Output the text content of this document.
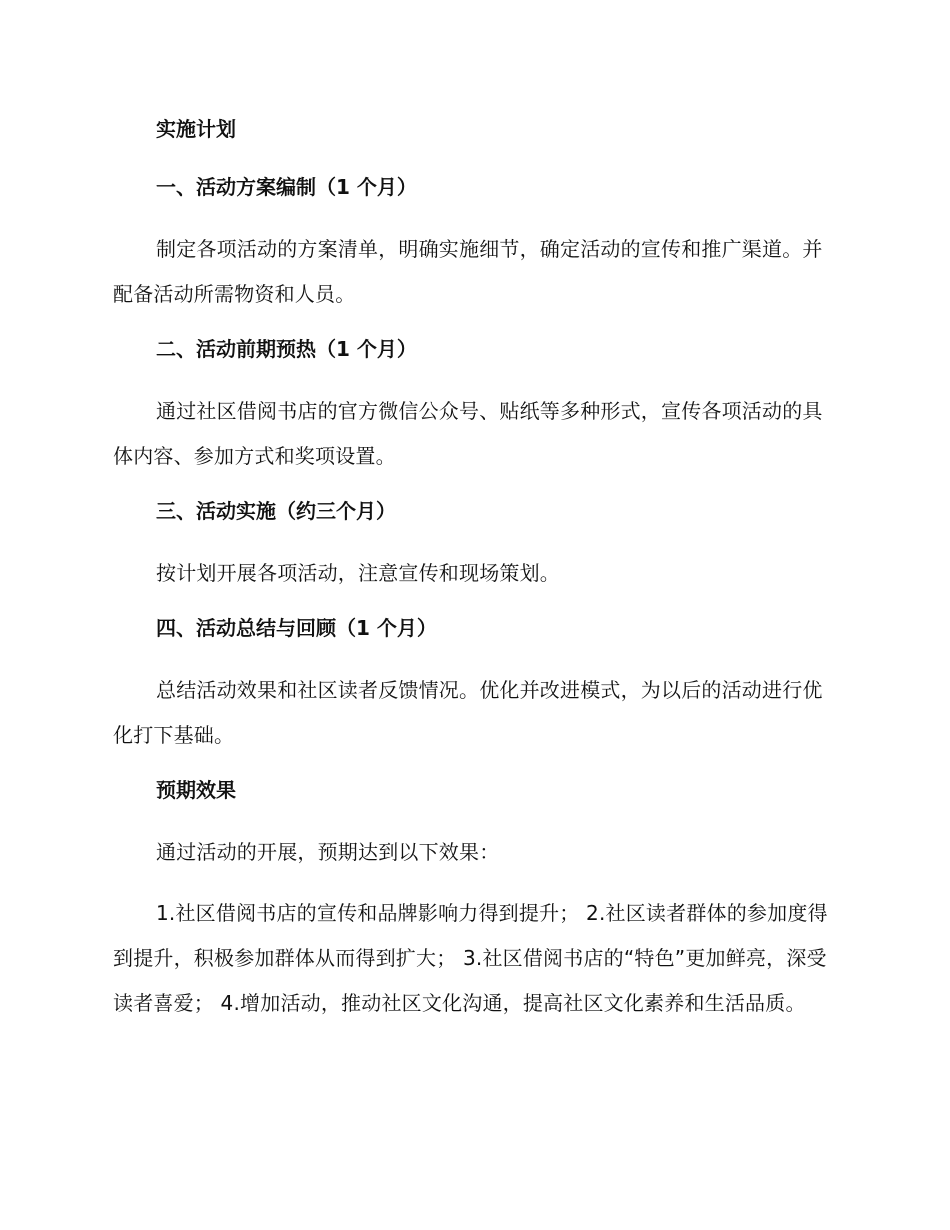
实施计划
一、活动方案编制（1 个月）
制定各项活动的方案清单，明确实施细节，确定活动的宣传和推广渠道。并配备活动所需物资和人员。
二、活动前期预热（1 个月）
通过社区借阅书店的官方微信公众号、贴纸等多种形式，宣传各项活动的具体内容、参加方式和奖项设置。
三、活动实施（约三个月）
按计划开展各项活动，注意宣传和现场策划。
四、活动总结与回顾（1 个月）
总结活动效果和社区读者反馈情况。优化并改进模式，为以后的活动进行优化打下基础。
预期效果
通过活动的开展，预期达到以下效果：
1.社区借阅书店的宣传和品牌影响力得到提升； 2.社区读者群体的参加度得到提升，积极参加群体从而得到扩大； 3.社区借阅书店的“特色”更加鲜亮，深受读者喜爱； 4.增加活动，推动社区文化沟通，提高社区文化素养和生活品质。
